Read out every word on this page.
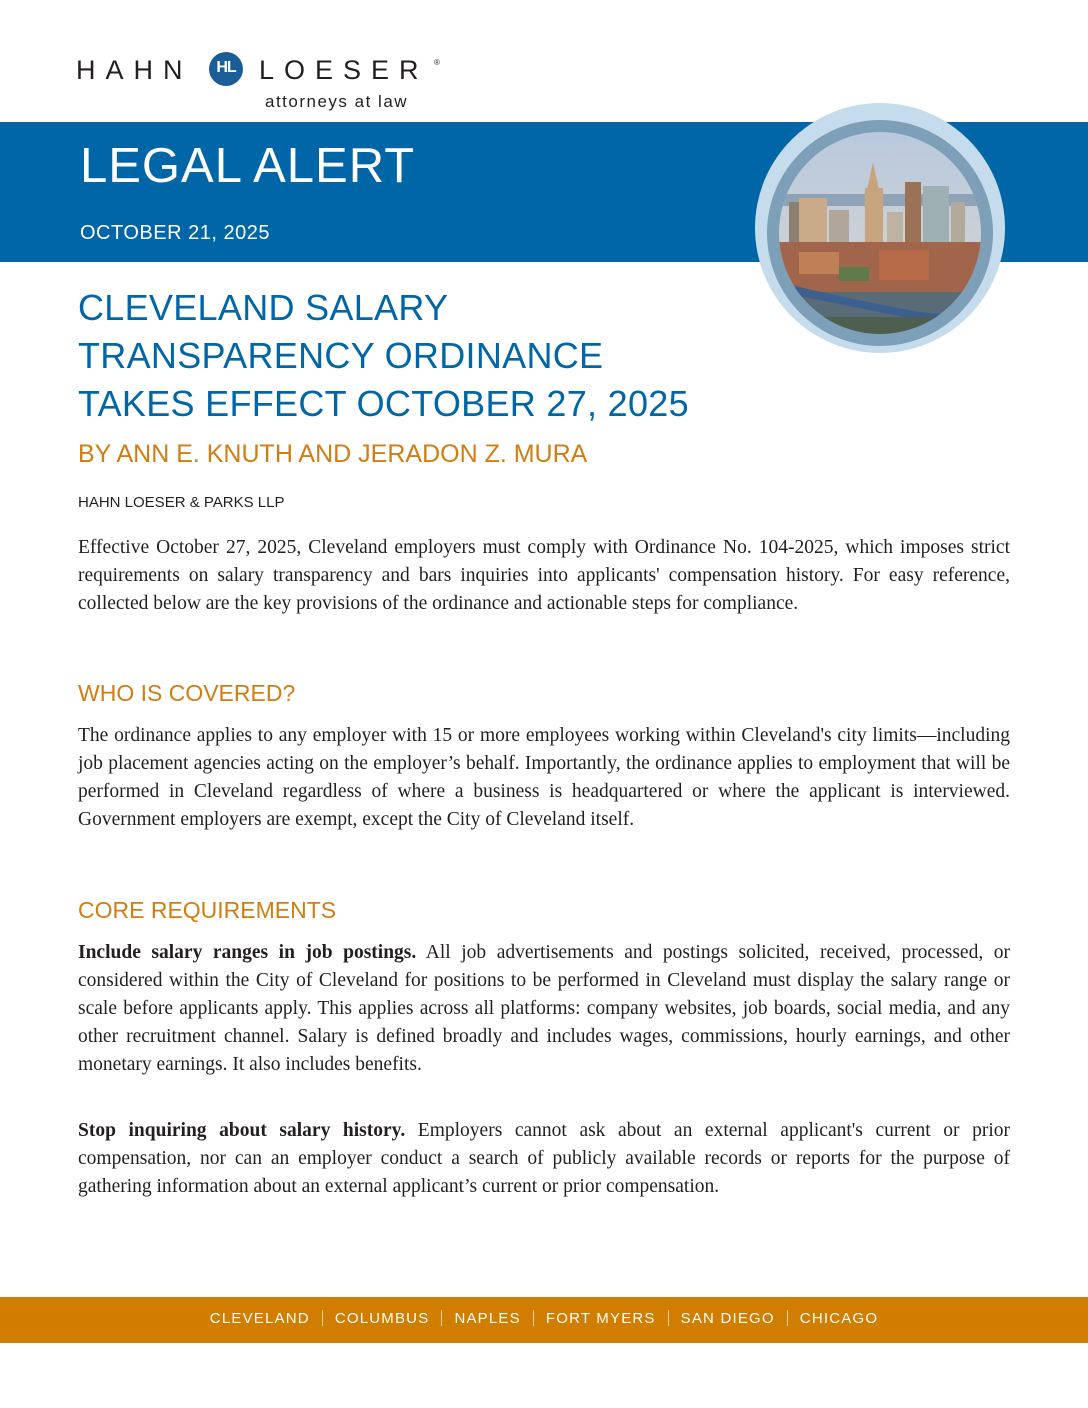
HAHN	HL LOESER ®
attorneys at law
LEGAL ALERT
OCTOBER 21, 2025
CLEVELAND SALARY
TRANSPARENCY ORDINANCE
TAKES EFFECT OCTOBER 27, 2025
BY ANN E. KNUTH AND JERADON Z. MURA
HAHN LOESER & PARKS LLP

Effective October 27, 2025, Cleveland employers must comply with Ordinance No. 104-2025, which imposes strict requirements on salary transparency and bars inquiries into applicants' compensation history. For easy reference, collected below are the key provisions of the ordinance and actionable steps for compliance.

WHO IS COVERED?

The ordinance applies to any employer with 15 or more employees working within Cleveland's city limits—including job placement agencies acting on the employer’s behalf. Importantly, the ordinance applies to employment that will be performed in Cleveland regardless of where a business is headquartered or where the applicant is interviewed. Government employers are exempt, except the City of Cleveland itself.

CORE REQUIREMENTS

Include salary ranges in job postings. All job advertisements and postings solicited, received, processed, or considered within the City of Cleveland for positions to be performed in Cleveland must display the salary range or scale before applicants apply. This applies across all platforms: company websites, job boards, social media, and any other recruitment channel. Salary is defined broadly and includes wages, commissions, hourly earnings, and other monetary earnings. It also includes benefits.

Stop inquiring about salary history. Employers cannot ask about an external applicant's current or prior compensation, nor can an employer conduct a search of publicly available records or reports for the purpose of gathering information about an external applicant’s current or prior compensation.

CLEVELAND COLUMBUS NAPLES FORT MYERS SAN DIEGO CHICAGO
